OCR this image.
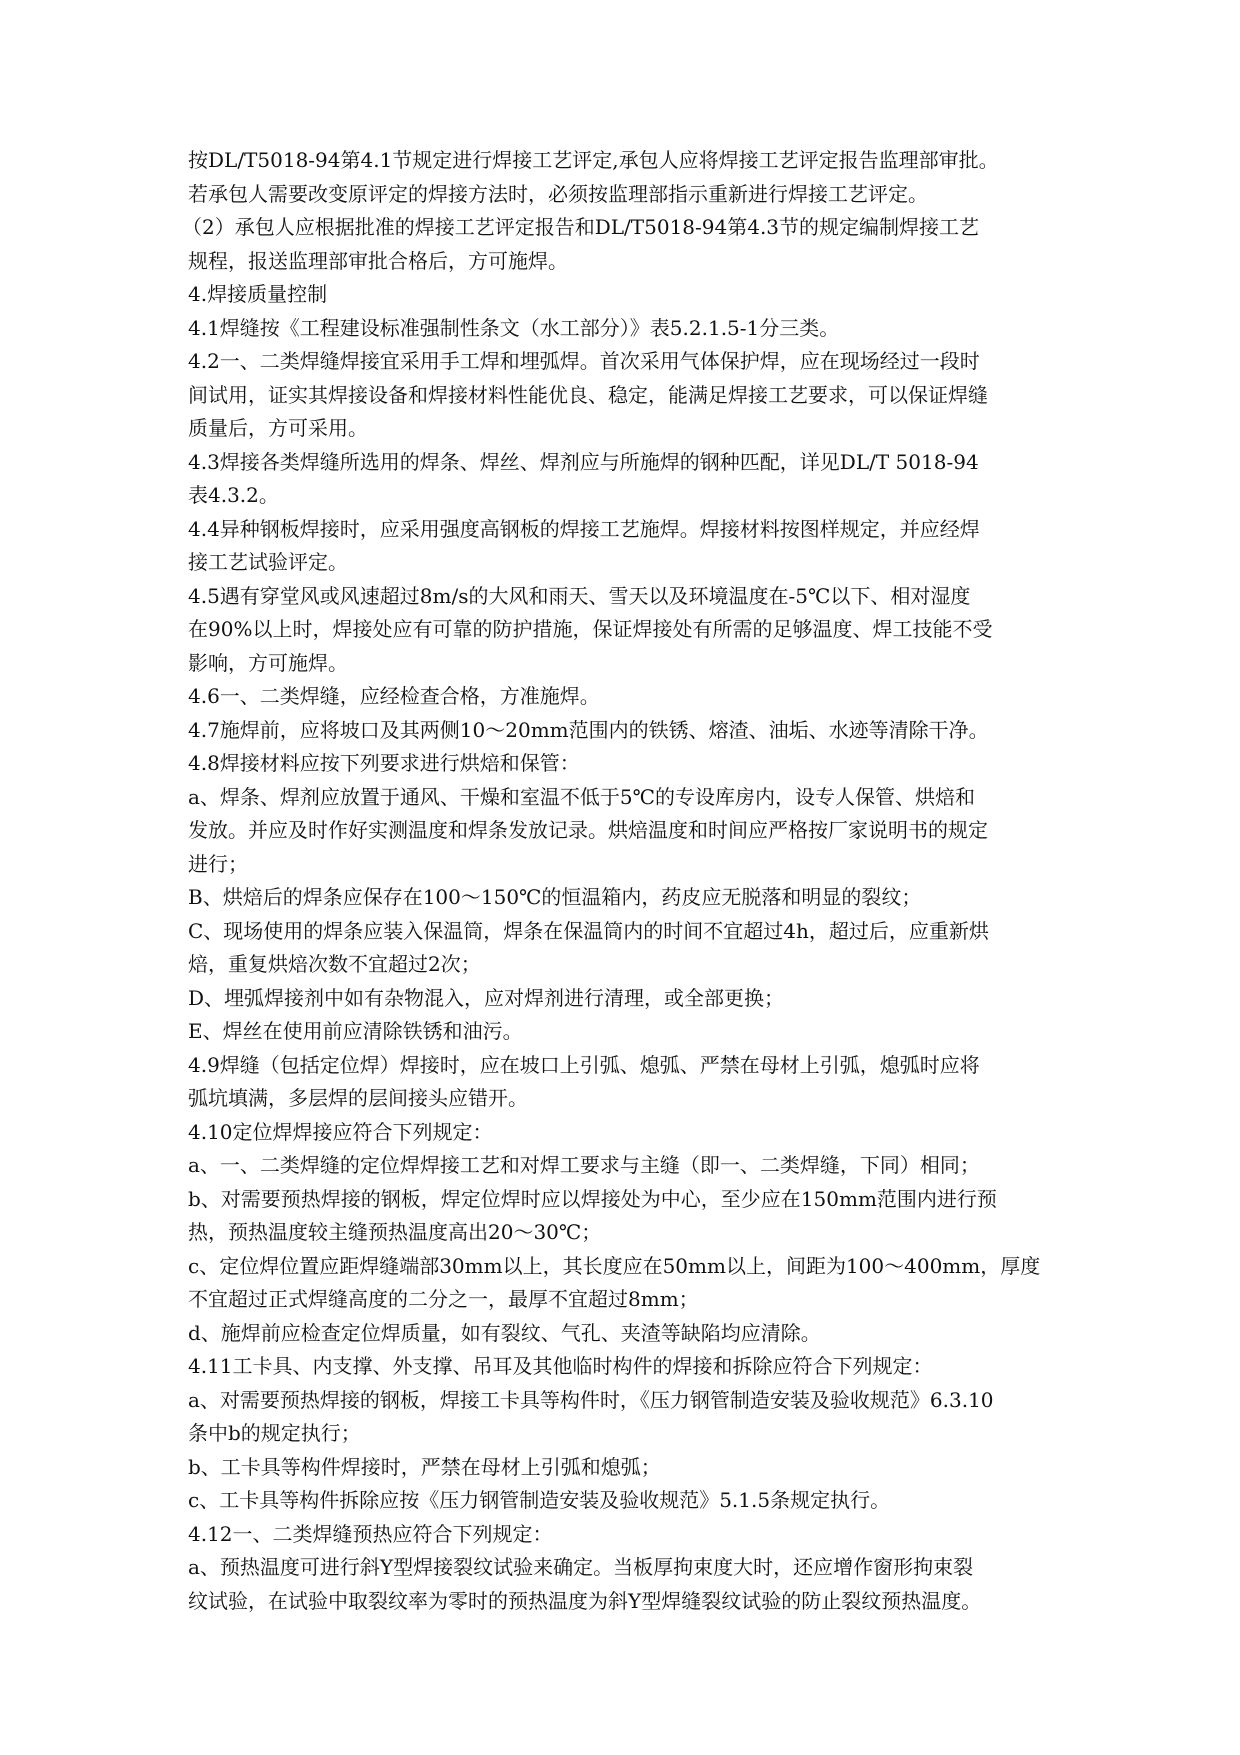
按DL/T5018-94第4.1节规定进行焊接工艺评定,承包人应将焊接工艺评定报告监理部审批。
若承包人需要改变原评定的焊接方法时，必须按监理部指示重新进行焊接工艺评定。
（2）承包人应根据批准的焊接工艺评定报告和DL/T5018-94第4.3节的规定编制焊接工艺
规程，报送监理部审批合格后，方可施焊。
4.焊接质量控制
4.1焊缝按《工程建设标准强制性条文（水工部分）》表5.2.1.5-1分三类。
4.2一、二类焊缝焊接宜采用手工焊和埋弧焊。首次采用气体保护焊，应在现场经过一段时
间试用，证实其焊接设备和焊接材料性能优良、稳定，能满足焊接工艺要求，可以保证焊缝
质量后，方可采用。
4.3焊接各类焊缝所选用的焊条、焊丝、焊剂应与所施焊的钢种匹配，详见DL/T 5018-94
表4.3.2。
4.4异种钢板焊接时，应采用强度高钢板的焊接工艺施焊。焊接材料按图样规定，并应经焊
接工艺试验评定。
4.5遇有穿堂风或风速超过8m/s的大风和雨天、雪天以及环境温度在-5℃以下、相对湿度
在90%以上时，焊接处应有可靠的防护措施，保证焊接处有所需的足够温度、焊工技能不受
影响，方可施焊。
4.6一、二类焊缝，应经检查合格，方准施焊。
4.7施焊前，应将坡口及其两侧10～20mm范围内的铁锈、熔渣、油垢、水迹等清除干净。
4.8焊接材料应按下列要求进行烘焙和保管：
a、焊条、焊剂应放置于通风、干燥和室温不低于5℃的专设库房内，设专人保管、烘焙和
发放。并应及时作好实测温度和焊条发放记录。烘焙温度和时间应严格按厂家说明书的规定
进行；
B、烘焙后的焊条应保存在100～150℃的恒温箱内，药皮应无脱落和明显的裂纹；
C、现场使用的焊条应装入保温筒，焊条在保温筒内的时间不宜超过4h，超过后，应重新烘
焙，重复烘焙次数不宜超过2次；
D、埋弧焊接剂中如有杂物混入，应对焊剂进行清理，或全部更换；
E、焊丝在使用前应清除铁锈和油污。
4.9焊缝（包括定位焊）焊接时，应在坡口上引弧、熄弧、严禁在母材上引弧，熄弧时应将
弧坑填满，多层焊的层间接头应错开。
4.10定位焊焊接应符合下列规定：
a、一、二类焊缝的定位焊焊接工艺和对焊工要求与主缝（即一、二类焊缝，下同）相同；
b、对需要预热焊接的钢板，焊定位焊时应以焊接处为中心，至少应在150mm范围内进行预
热，预热温度较主缝预热温度高出20～30℃；
c、定位焊位置应距焊缝端部30mm以上，其长度应在50mm以上，间距为100～400mm，厚度
不宜超过正式焊缝高度的二分之一，最厚不宜超过8mm；
d、施焊前应检查定位焊质量，如有裂纹、气孔、夹渣等缺陷均应清除。
4.11工卡具、内支撑、外支撑、吊耳及其他临时构件的焊接和拆除应符合下列规定：
a、对需要预热焊接的钢板，焊接工卡具等构件时，《压力钢管制造安装及验收规范》6.3.10
条中b的规定执行；
b、工卡具等构件焊接时，严禁在母材上引弧和熄弧；
c、工卡具等构件拆除应按《压力钢管制造安装及验收规范》5.1.5条规定执行。
4.12一、二类焊缝预热应符合下列规定：
a、预热温度可进行斜Y型焊接裂纹试验来确定。当板厚拘束度大时，还应增作窗形拘束裂
纹试验，在试验中取裂纹率为零时的预热温度为斜Y型焊缝裂纹试验的防止裂纹预热温度。
